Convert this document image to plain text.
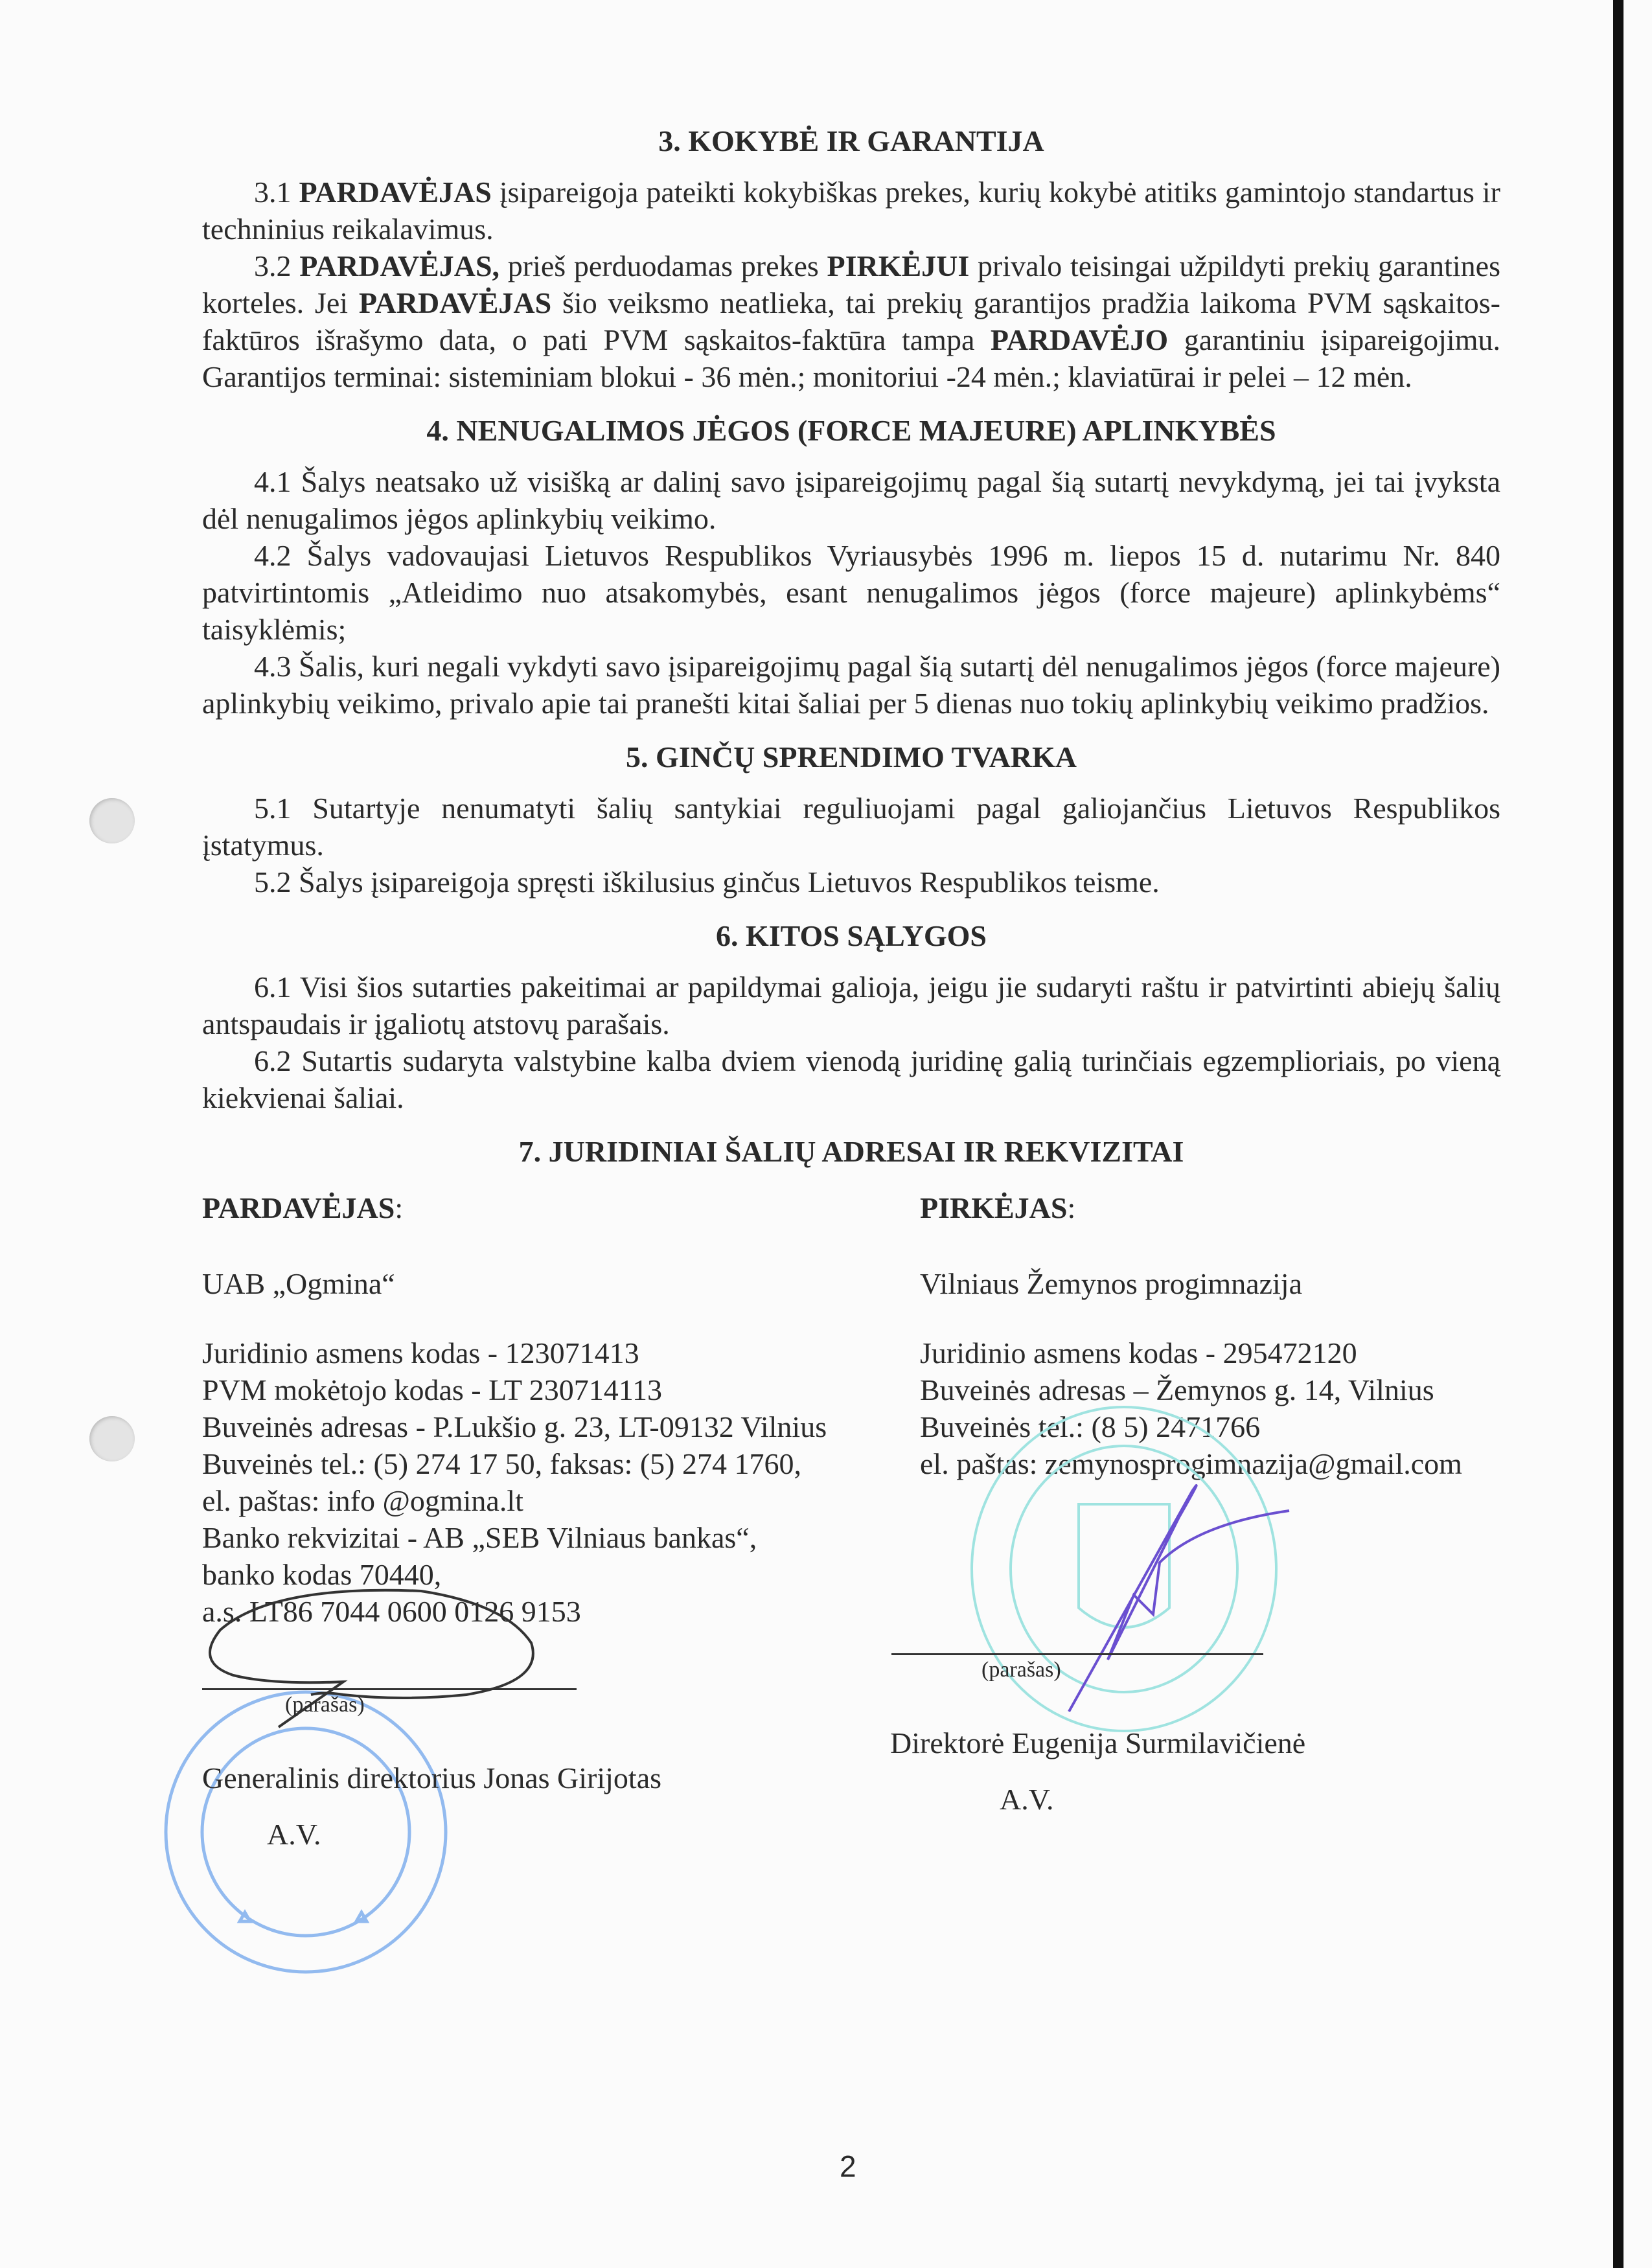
3. KOKYBĖ IR GARANTIJA

3.1 PARDAVĖJAS įsipareigoja pateikti kokybiškas prekes, kurių kokybė atitiks gamintojo standartus ir techninius reikalavimus.

3.2 PARDAVĖJAS, prieš perduodamas prekes PIRKĖJUI privalo teisingai užpildyti prekių garantines korteles. Jei PARDAVĖJAS šio veiksmo neatlieka, tai prekių garantijos pradžia laikoma PVM sąskaitos-faktūros išrašymo data, o pati PVM sąskaitos-faktūra tampa PARDAVĖJO garantiniu įsipareigojimu. Garantijos terminai: sisteminiam blokui - 36 mėn.; monitoriui -24 mėn.; klaviatūrai ir pelei – 12 mėn.

4. NENUGALIMOS JĖGOS (FORCE MAJEURE) APLINKYBĖS

4.1 Šalys neatsako už visišką ar dalinį savo įsipareigojimų pagal šią sutartį nevykdymą, jei tai įvyksta dėl nenugalimos jėgos aplinkybių veikimo.

4.2 Šalys vadovaujasi Lietuvos Respublikos Vyriausybės 1996 m. liepos 15 d. nutarimu Nr. 840 patvirtintomis „Atleidimo nuo atsakomybės, esant nenugalimos jėgos (force majeure) aplinkybėms“ taisyklėmis;

4.3 Šalis, kuri negali vykdyti savo įsipareigojimų pagal šią sutartį dėl nenugalimos jėgos (force majeure) aplinkybių veikimo, privalo apie tai pranešti kitai šaliai per 5 dienas nuo tokių aplinkybių veikimo pradžios.

5. GINČŲ SPRENDIMO TVARKA

5.1 Sutartyje nenumatyti šalių santykiai reguliuojami pagal galiojančius Lietuvos Respublikos įstatymus.

5.2 Šalys įsipareigoja spręsti iškilusius ginčus Lietuvos Respublikos teisme.

6. KITOS SĄLYGOS

6.1 Visi šios sutarties pakeitimai ar papildymai galioja, jeigu jie sudaryti raštu ir patvirtinti abiejų šalių antspaudais ir įgaliotų atstovų parašais.

6.2 Sutartis sudaryta valstybine kalba dviem vienodą juridinę galią turinčiais egzemplioriais, po vieną kiekvienai šaliai.

7. JURIDINIAI ŠALIŲ ADRESAI IR REKVIZITAI
PARDAVĖJAS:
UAB „Ogmina“
Juridinio asmens kodas - 123071413
PVM mokėtojo kodas - LT 230714113
Buveinės adresas - P.Lukšio g. 23, LT-09132 Vilnius
Buveinės tel.: (5) 274 17 50, faksas: (5) 274 1760,
el. paštas: info @ogmina.lt
Banko rekvizitai - AB „SEB Vilniaus bankas“,
banko kodas 70440,
a.s. LT86 7044 0600 0126 9153
(parašas)
Generalinis direktorius Jonas Girijotas
A.V.
PIRKĖJAS:
Vilniaus Žemynos progimnazija
Juridinio asmens kodas - 295472120
Buveinės adresas – Žemynos g. 14, Vilnius
Buveinės tel.: (8 5) 2471766
el. paštas: zemynosprogimnazija@gmail.com
(parašas)
Direktorė Eugenija Surmilavičienė
A.V.
2
